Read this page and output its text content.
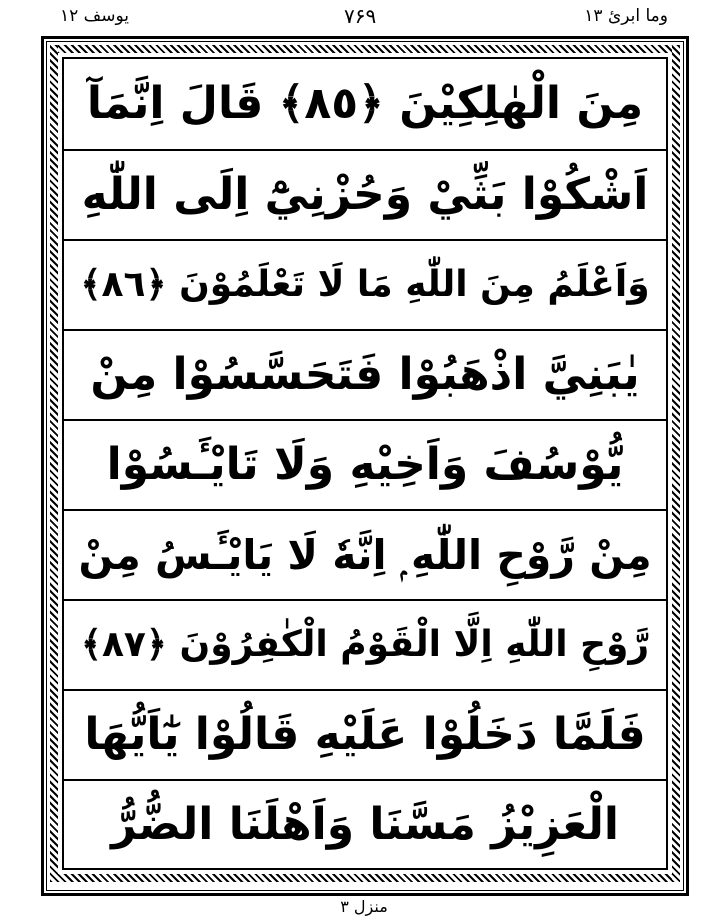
یوسف ۱۲	۷۶۹	وما ابرئ ۱۳
مِنَ الْهٰلِكِيْنَ ﴿٨٥﴾ قَالَ اِنَّمَآ
اَشْكُوْا بَثِّيْ وَحُزْنِيْٓ اِلَى اللّٰهِ
وَاَعْلَمُ مِنَ اللّٰهِ مَا لَا تَعْلَمُوْنَ ﴿٨٦﴾
يٰبَنِيَّ اذْهَبُوْا فَتَحَسَّسُوْا مِنْ
يُّوْسُفَ وَاَخِيْهِ وَلَا تَايْـَٔسُوْا
مِنْ رَّوْحِ اللّٰهِ ۭ اِنَّهٗ لَا يَايْـَٔسُ مِنْ
رَّوْحِ اللّٰهِ اِلَّا الْقَوْمُ الْكٰفِرُوْنَ ﴿٨٧﴾
فَلَمَّا دَخَلُوْا عَلَيْهِ قَالُوْا يٰٓاَيُّهَا
الْعَزِيْزُ مَسَّنَا وَاَهْلَنَا الضُّرُّ
منزل ۳
